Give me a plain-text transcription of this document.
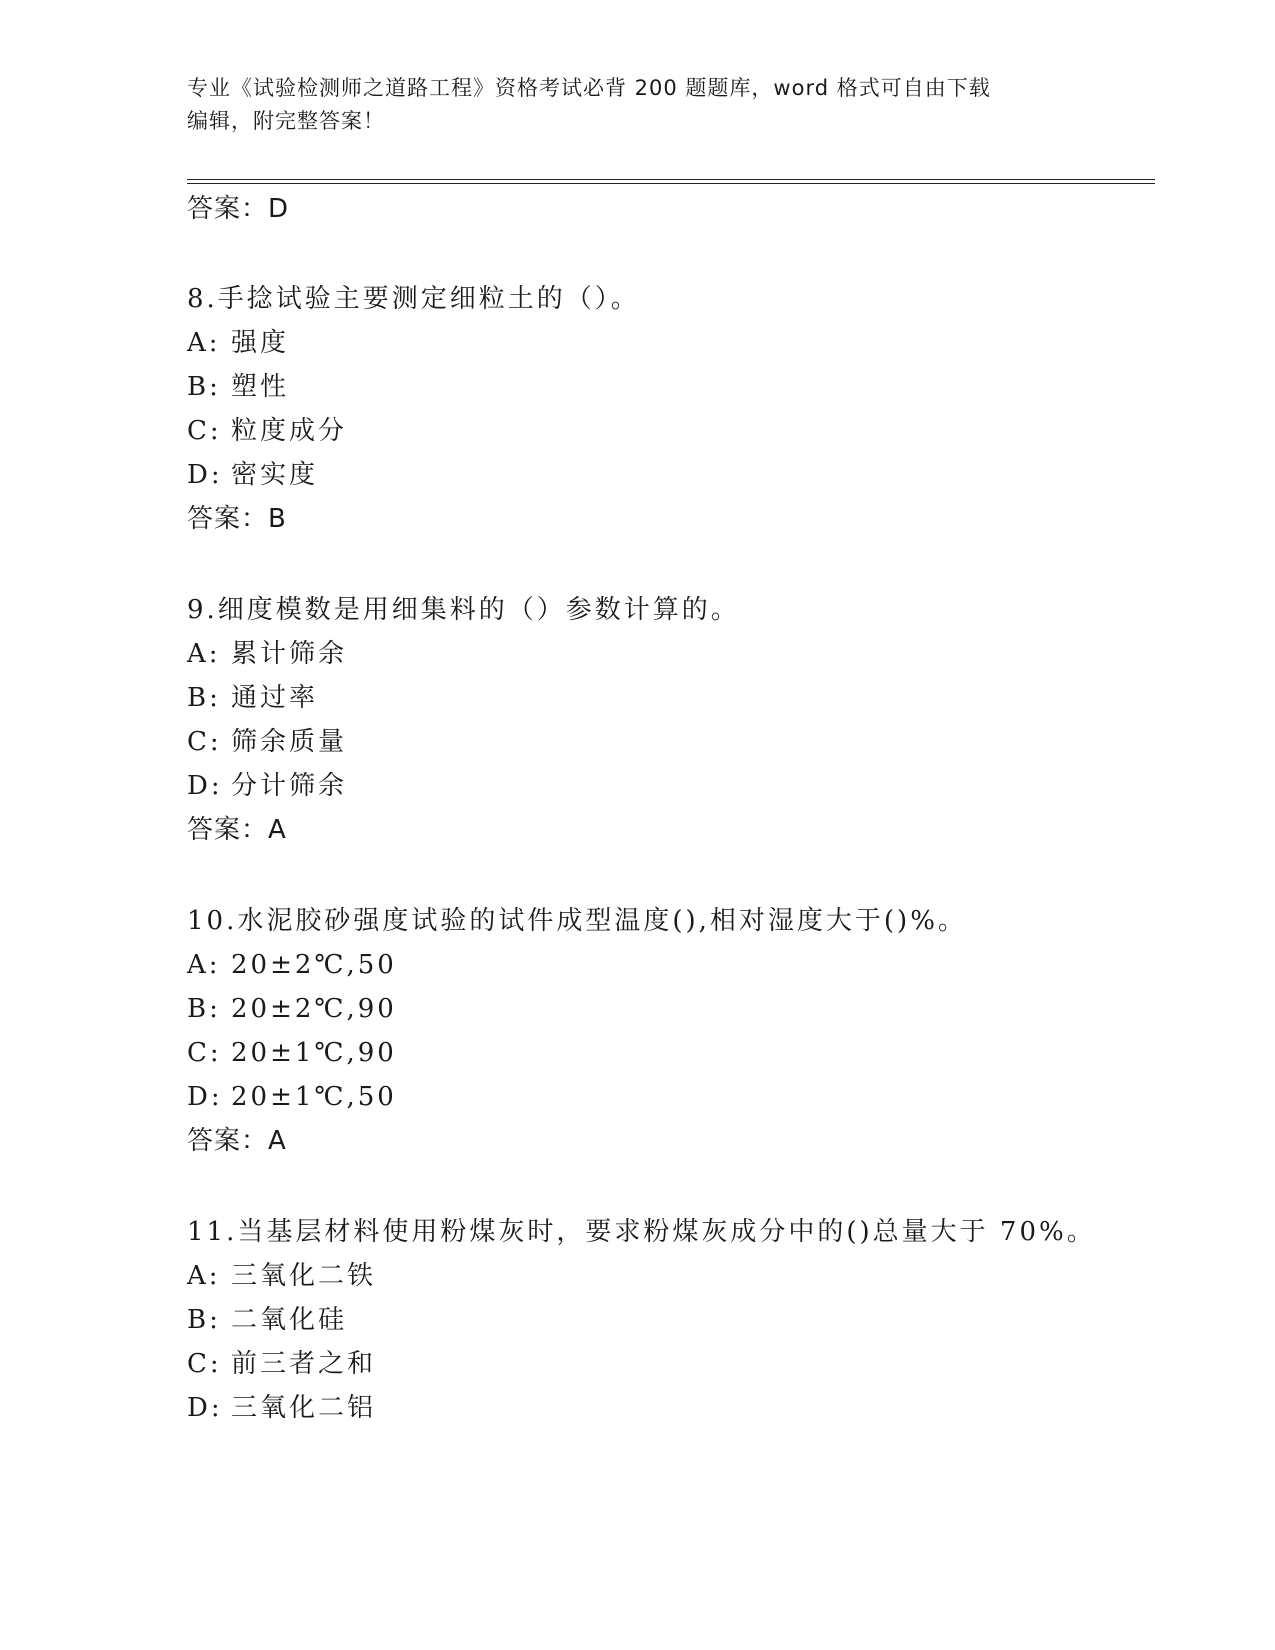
专业《试验检测师之道路工程》资格考试必背 200 题题库，word 格式可自由下载
编辑，附完整答案！
答案：D
8.手捻试验主要测定细粒土的（）。
A: 强度
B: 塑性
C: 粒度成分
D: 密实度
答案：B
9.细度模数是用细集料的（）参数计算的。
A: 累计筛余
B: 通过率
C: 筛余质量
D: 分计筛余
答案：A
10.水泥胶砂强度试验的试件成型温度(),相对湿度大于()%。
A: 20±2℃,50
B: 20±2℃,90
C: 20±1℃,90
D: 20±1℃,50
答案：A
11.当基层材料使用粉煤灰时，要求粉煤灰成分中的()总量大于 70%。
A: 三氧化二铁
B: 二氧化硅
C: 前三者之和
D: 三氧化二铝
